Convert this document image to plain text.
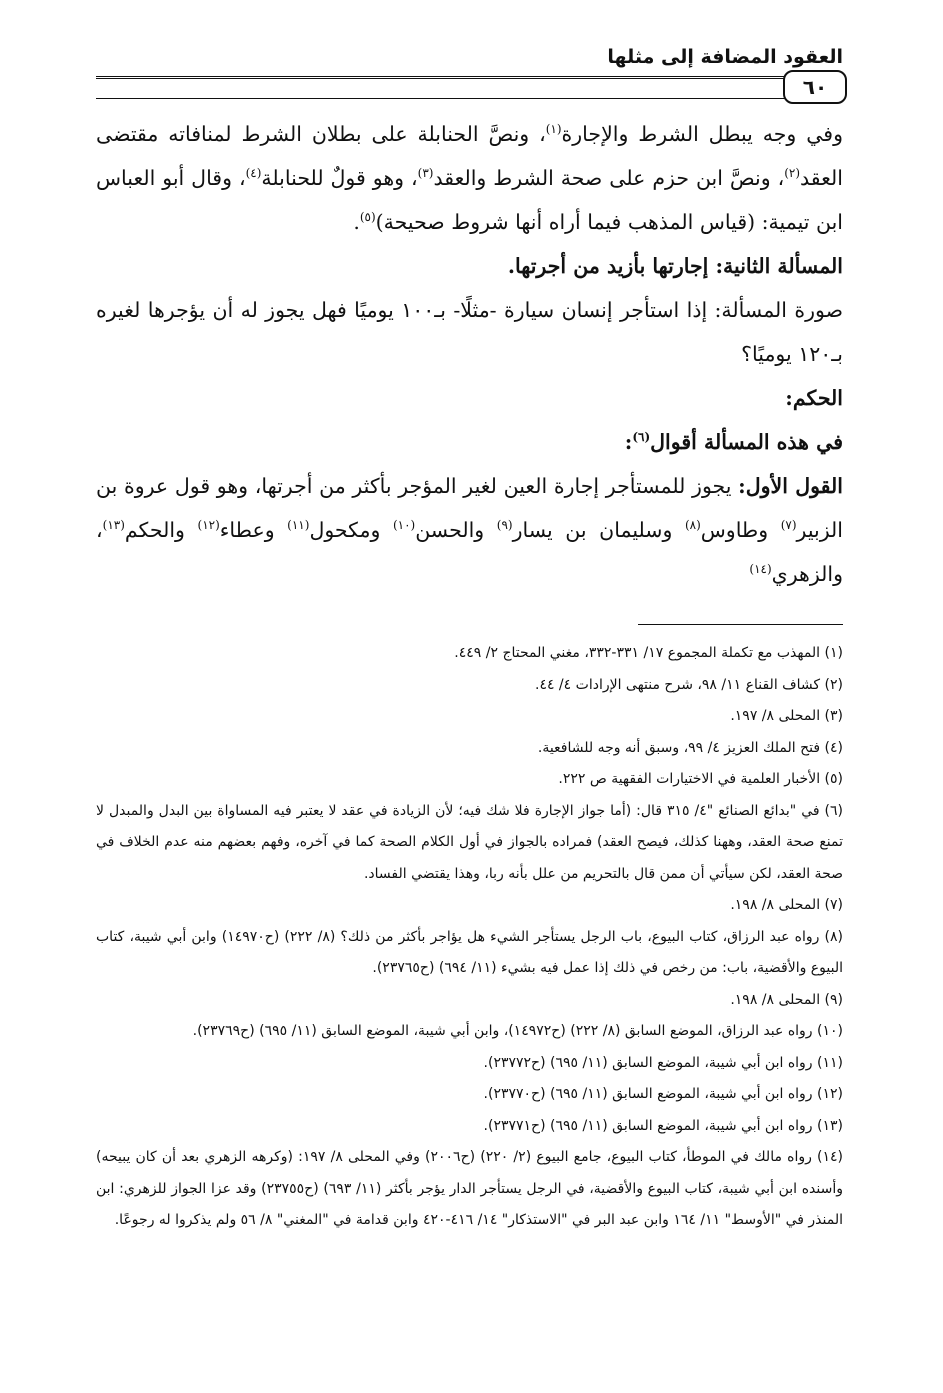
العقود المضافة إلى مثلها
٦٠

وفي وجه يبطل الشرط والإجارة$^{(١)}$، ونصَّ الحنابلة على بطلان الشرط لمنافاته مقتضى العقد$^{(٢)}$، ونصَّ ابن حزم على صحة الشرط والعقد$^{(٣)}$، وهو قولٌ للحنابلة$^{(٤)}$، وقال أبو العباس ابن تيمية: (قياس المذهب فيما أراه أنها شروط صحيحة)$^{(٥)}$.

المسألة الثانية: إجارتها بأزيد من أجرتها.

صورة المسألة: إذا استأجر إنسان سيارة -مثلًا- بـ١٠٠ يوميًا فهل يجوز له أن يؤجرها لغيره بـ١٢٠ يوميًا؟

الحكم:

في هذه المسألة أقوال$^{(٦)}$:

القول الأول: يجوز للمستأجر إجارة العين لغير المؤجر بأكثر من أجرتها، وهو قول عروة بن الزبير$^{(٧)}$ وطاوس$^{(٨)}$ وسليمان بن يسار$^{(٩)}$ والحسن$^{(١٠)}$ ومكحول$^{(١١)}$ وعطاء$^{(١٢)}$ والحكم$^{(١٣)}$، والزهري$^{(١٤)}$

(١) المهذب مع تكملة المجموع ١٧/ ٣٣١-٣٣٢، مغني المحتاج ٢/ ٤٤٩.
(٢) كشاف القناع ١١/ ٩٨، شرح منتهى الإرادات ٤/ ٤٤.
(٣) المحلى ٨/ ١٩٧.
(٤) فتح الملك العزيز ٤/ ٩٩، وسبق أنه وجه للشافعية.
(٥) الأخبار العلمية في الاختيارات الفقهية ص ٢٢٢.
(٦) في "بدائع الصنائع "٤/ ٣١٥ قال: (أما جواز الإجارة فلا شك فيه؛ لأن الزيادة في عقد لا يعتبر فيه المساواة بين البدل والمبدل لا تمنع صحة العقد، وههنا كذلك، فيصح العقد) فمراده بالجواز في أول الكلام الصحة كما في آخره، وفهم بعضهم منه عدم الخلاف في صحة العقد، لكن سيأتي أن ممن قال بالتحريم من علل بأنه ربا، وهذا يقتضي الفساد.
(٧) المحلى ٨/ ١٩٨.
(٨) رواه عبد الرزاق، كتاب البيوع، باب الرجل يستأجر الشيء هل يؤاجر بأكثر من ذلك؟ (٨/ ٢٢٢) (ح١٤٩٧٠) وابن أبي شيبة، كتاب البيوع والأقضية، باب: من رخص في ذلك إذا عمل فيه بشيء (١١/ ٦٩٤) (ح٢٣٧٦٥).
(٩) المحلى ٨/ ١٩٨.
(١٠) رواه عبد الرزاق، الموضع السابق (٨/ ٢٢٢) (ح١٤٩٧٢)، وابن أبي شيبة، الموضع السابق (١١/ ٦٩٥) (ح٢٣٧٦٩).
(١١) رواه ابن أبي شيبة، الموضع السابق (١١/ ٦٩٥) (ح٢٣٧٧٢).
(١٢) رواه ابن أبي شيبة، الموضع السابق (١١/ ٦٩٥) (ح٢٣٧٧٠).
(١٣) رواه ابن أبي شيبة، الموضع السابق (١١/ ٦٩٥) (ح٢٣٧٧١).
(١٤) رواه مالك في الموطأ، كتاب البيوع، جامع البيوع (٢/ ٢٢٠) (ح٢٠٠٦) وفي المحلى ٨/ ١٩٧: (وكرهه الزهري بعد أن كان يبيحه) وأسنده ابن أبي شيبة، كتاب البيوع والأقضية، في الرجل يستأجر الدار يؤجر بأكثر (١١/ ٦٩٣) (ح٢٣٧٥٥) وقد عزا الجواز للزهري: ابن المنذر في "الأوسط" ١١/ ١٦٤ وابن عبد البر في "الاستذكار" ١٤/ ٤١٦-٤٢٠ وابن قدامة في "المغني" ٨/ ٥٦ ولم يذكروا له رجوعًا.
